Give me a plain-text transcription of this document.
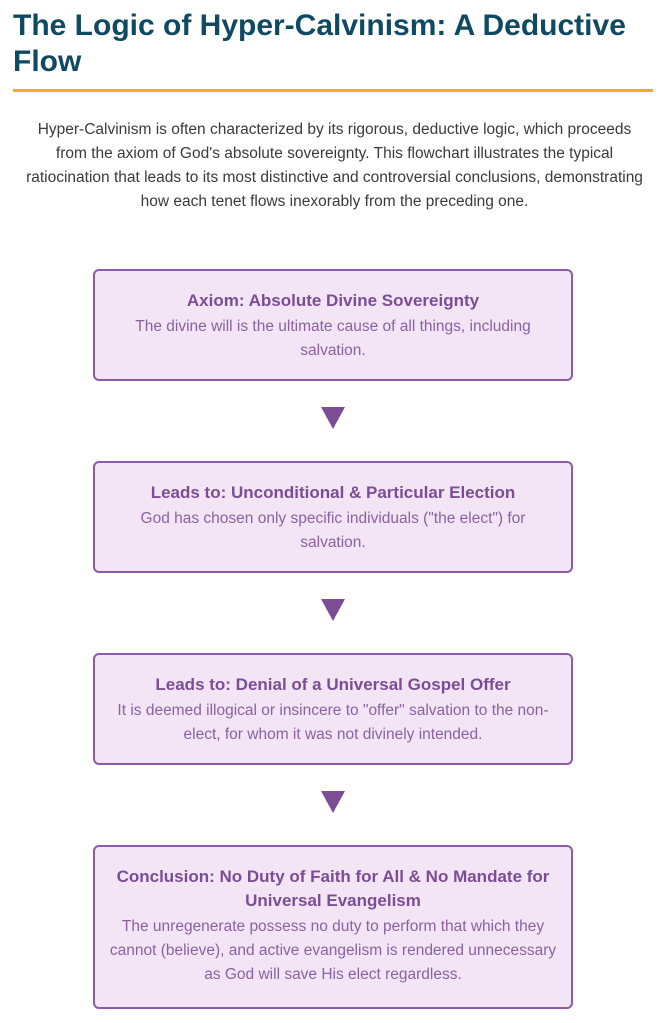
The Logic of Hyper-Calvinism: A Deductive Flow

Hyper-Calvinism is often characterized by its rigorous, deductive logic, which proceeds from the axiom of God's absolute sovereignty. This flowchart illustrates the typical ratiocination that leads to its most distinctive and controversial conclusions, demonstrating how each tenet flows inexorably from the preceding one.

Axiom: Absolute Divine Sovereignty

The divine will is the ultimate cause of all things, including salvation.

Leads to: Unconditional & Particular Election

God has chosen only specific individuals ("the elect") for salvation.

Leads to: Denial of a Universal Gospel Offer

It is deemed illogical or insincere to "offer" salvation to the non-elect, for whom it was not divinely intended.

Conclusion: No Duty of Faith for All & No Mandate for Universal Evangelism

The unregenerate possess no duty to perform that which they cannot (believe), and active evangelism is rendered unnecessary as God will save His elect regardless.
